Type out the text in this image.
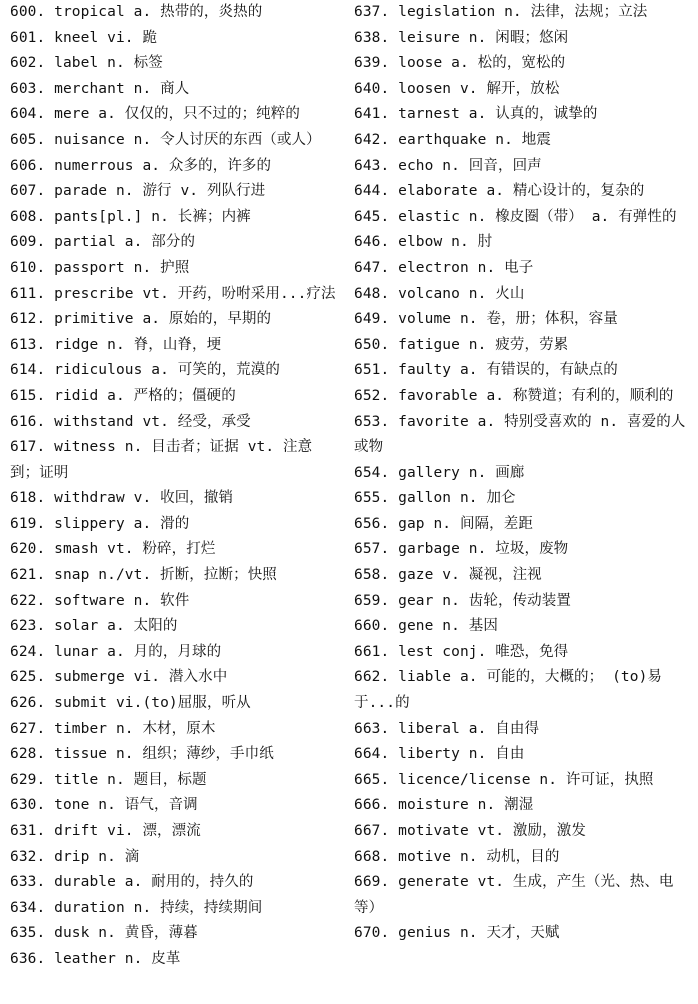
600. tropical a. 热带的，炎热的
601. kneel vi. 跪
602. label n. 标签
603. merchant n. 商人
604. mere a. 仅仅的，只不过的；纯粹的
605. nuisance n. 令人讨厌的东西（或人）
606. numerrous a. 众多的，许多的
607. parade n. 游行 v. 列队行进
608. pants[pl.] n. 长裤；内裤
609. partial a. 部分的
610. passport n. 护照
611. prescribe vt. 开药，吩咐采用...疗法
612. primitive a. 原始的，早期的
613. ridge n. 脊，山脊，埂
614. ridiculous a. 可笑的，荒漠的
615. ridid a. 严格的；僵硬的
616. withstand vt. 经受，承受
617. witness n. 目击者；证据 vt. 注意到；证明
618. withdraw v. 收回，撤销
619. slippery a. 滑的
620. smash vt. 粉碎，打烂
621. snap n./vt. 折断，拉断；快照
622. software n. 软件
623. solar a. 太阳的
624. lunar a. 月的，月球的
625. submerge vi. 潜入水中
626. submit vi.(to)屈服，听从
627. timber n. 木材，原木
628. tissue n. 组织；薄纱，手巾纸
629. title n. 题目，标题
630. tone n. 语气，音调
631. drift vi. 漂，漂流
632. drip n. 滴
633. durable a. 耐用的，持久的
634. duration n. 持续，持续期间
635. dusk n. 黄昏，薄暮
636. leather n. 皮革
637. legislation n. 法律，法规；立法
638. leisure n. 闲暇；悠闲
639. loose a. 松的，宽松的
640. loosen v. 解开，放松
641. tarnest a. 认真的，诚挚的
642. earthquake n. 地震
643. echo n. 回音，回声
644. elaborate a. 精心设计的，复杂的
645. elastic n. 橡皮圈（带） a. 有弹性的
646. elbow n. 肘
647. electron n. 电子
648. volcano n. 火山
649. volume n. 卷，册；体积，容量
650. fatigue n. 疲劳，劳累
651. faulty a. 有错误的，有缺点的
652. favorable a. 称赞道；有利的，顺利的
653. favorite a. 特别受喜欢的 n. 喜爱的人或物
654. gallery n. 画廊
655. gallon n. 加仑
656. gap n. 间隔，差距
657. garbage n. 垃圾，废物
658. gaze v. 凝视，注视
659. gear n. 齿轮，传动装置
660. gene n. 基因
661. lest conj. 唯恐，免得
662. liable a. 可能的，大概的； (to)易于...的
663. liberal a. 自由得
664. liberty n. 自由
665. licence/license n. 许可证，执照
666. moisture n. 潮湿
667. motivate vt. 激励，激发
668. motive n. 动机，目的
669. generate vt. 生成，产生（光、热、电等）
670. genius n. 天才，天赋
